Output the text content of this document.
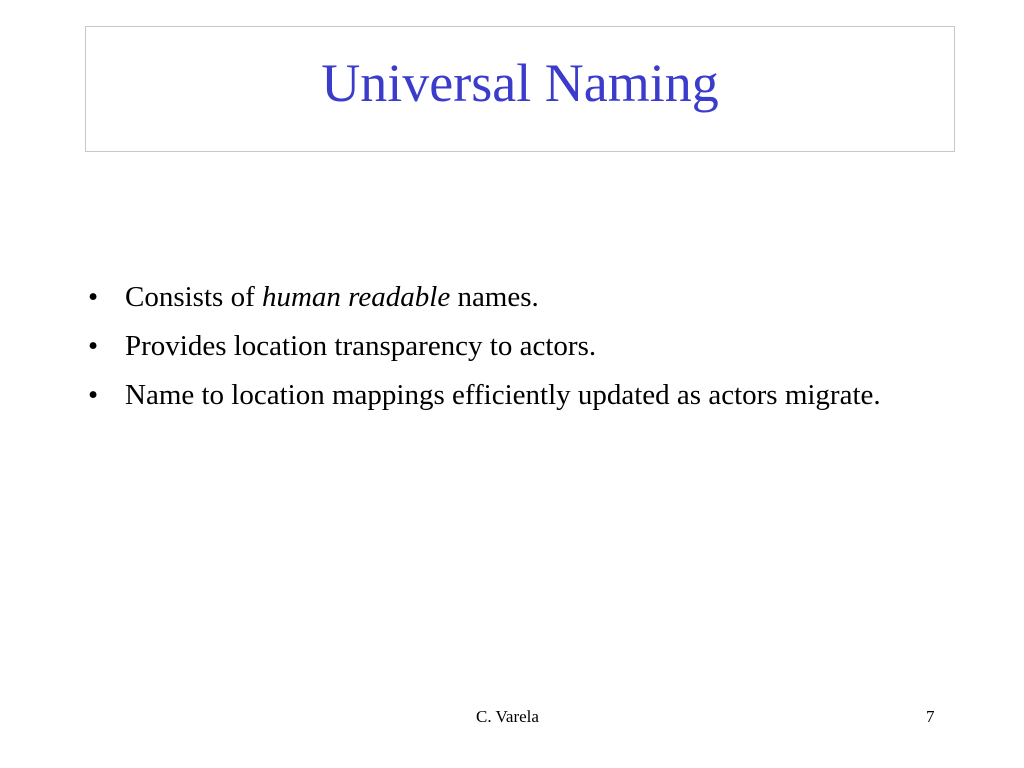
Universal Naming
• Consists of human readable names.
• Provides location transparency to actors.
• Name to location mappings efficiently updated as actors migrate.
C. Varela	7
